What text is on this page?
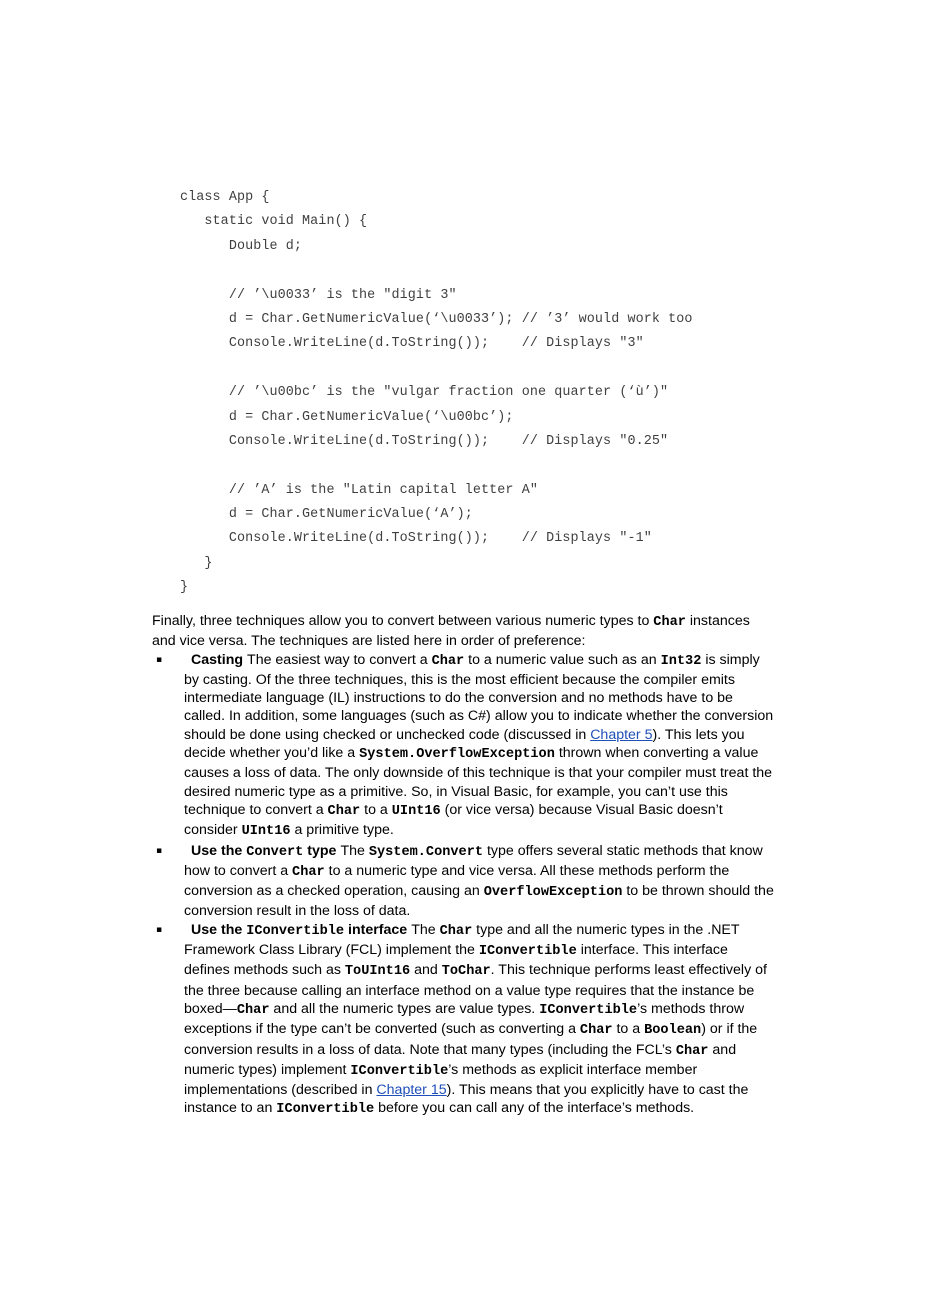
class App {
static void Main() {
Double d;
// ’\u0033’ is the "digit 3"
d = Char.GetNumericValue(‘\u0033’); // ’3’ would work too
Console.WriteLine(d.ToString());    // Displays "3"
// ’\u00bc’ is the "vulgar fraction one quarter (‘ù’)"
d = Char.GetNumericValue(‘\u00bc’);
Console.WriteLine(d.ToString());    // Displays "0.25"
// ’A’ is the "Latin capital letter A"
d = Char.GetNumericValue(‘A’);
Console.WriteLine(d.ToString());    // Displays "-1"
}
}

Finally, three techniques allow you to convert between various numeric types to Char instances and vice versa. The techniques are listed here in order of preference:

▪ Casting The easiest way to convert a Char to a numeric value such as an Int32 is simply by casting. Of the three techniques, this is the most efficient because the compiler emits intermediate language (IL) instructions to do the conversion and no methods have to be called. In addition, some languages (such as C#) allow you to indicate whether the conversion should be done using checked or unchecked code (discussed in Chapter 5). This lets you decide whether you’d like a System.OverflowException thrown when converting a value causes a loss of data. The only downside of this technique is that your compiler must treat the desired numeric type as a primitive. So, in Visual Basic, for example, you can’t use this technique to convert a Char to a UInt16 (or vice versa) because Visual Basic doesn’t consider UInt16 a primitive type.
▪ Use the Convert type The System.Convert type offers several static methods that know how to convert a Char to a numeric type and vice versa. All these methods perform the conversion as a checked operation, causing an OverflowException to be thrown should the conversion result in the loss of data.
▪ Use the IConvertible interface The Char type and all the numeric types in the .NET Framework Class Library (FCL) implement the IConvertible interface. This interface defines methods such as ToUInt16 and ToChar. This technique performs least effectively of the three because calling an interface method on a value type requires that the instance be boxed—Char and all the numeric types are value types. IConvertible’s methods throw exceptions if the type can’t be converted (such as converting a Char to a Boolean) or if the conversion results in a loss of data. Note that many types (including the FCL’s Char and numeric types) implement IConvertible’s methods as explicit interface member implementations (described in Chapter 15). This means that you explicitly have to cast the instance to an IConvertible before you can call any of the interface’s methods.
